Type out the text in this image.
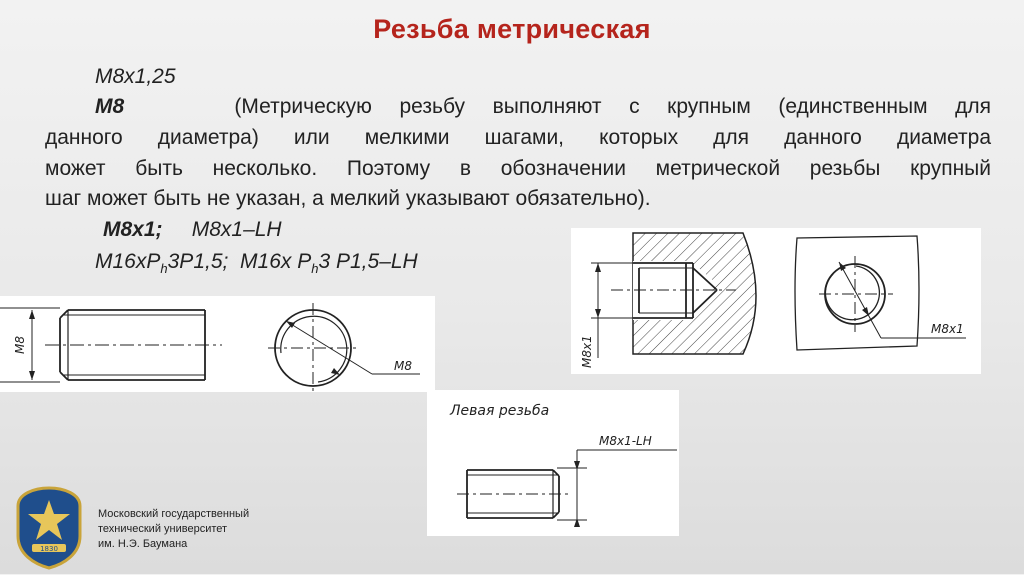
Резьба метрическая
М8х1,25
М8	(Метрическую резьбу выполняют с крупным (единственным для
данного диаметра) или мелкими шагами, которых для данного диаметра
может быть несколько. Поэтому в обозначении метрической резьбы крупный
шаг может быть не указан, а мелкий указывают обязательно).
М8х1; М8х1–LH
$М16хP_h3P1,5$; М16х $P_h3$ P1,5–LH
M8
M8	M8x1
M8x1
Левая резьба
M8x1-LH
1830
Московский государственный
технический университет
им. Н.Э. Баумана
